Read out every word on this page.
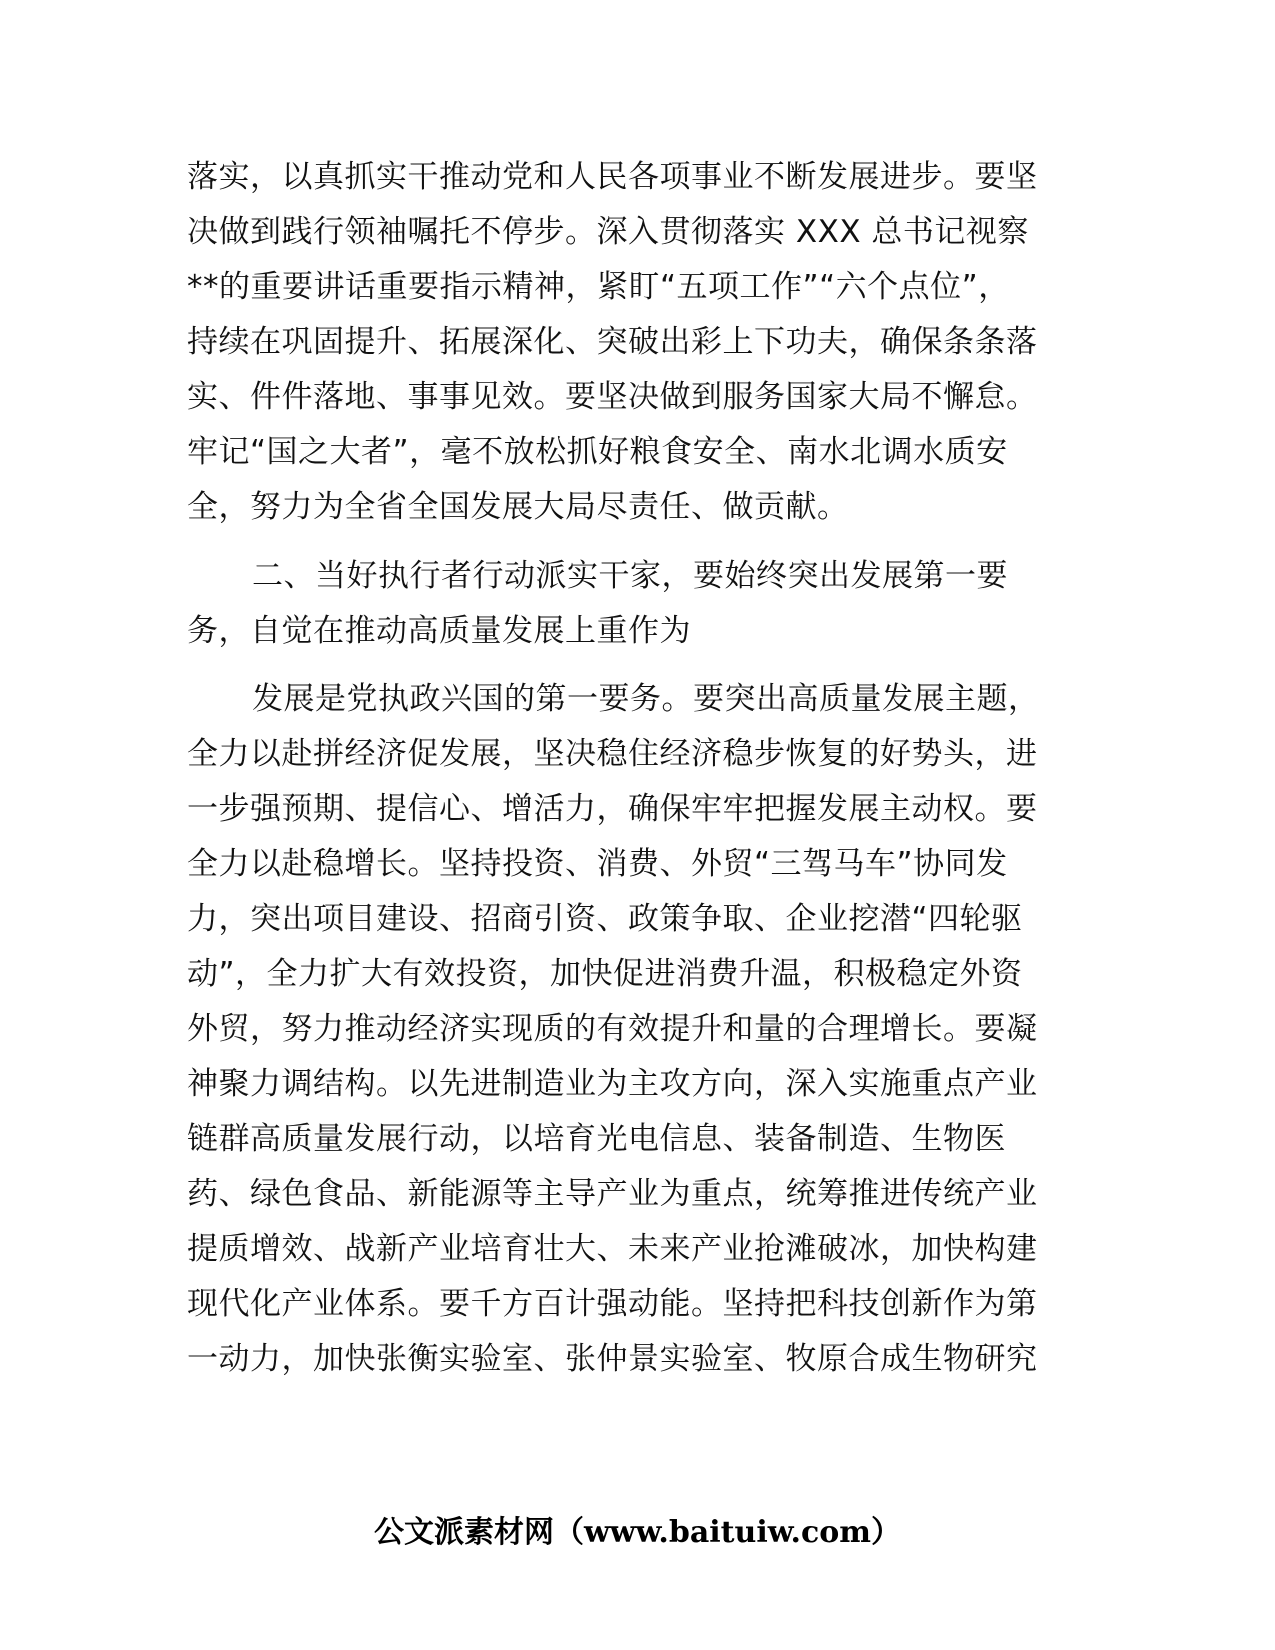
落实，以真抓实干推动党和人民各项事业不断发展进步。要坚
决做到践行领袖嘱托不停步。深入贯彻落实 XXX 总书记视察
**的重要讲话重要指示精神，紧盯“五项工作”“六个点位”，
持续在巩固提升、拓展深化、突破出彩上下功夫，确保条条落
实、件件落地、事事见效。要坚决做到服务国家大局不懈怠。
牢记“国之大者”，毫不放松抓好粮食安全、南水北调水质安
全，努力为全省全国发展大局尽责任、做贡献。
二、当好执行者行动派实干家，要始终突出发展第一要
务，自觉在推动高质量发展上重作为
发展是党执政兴国的第一要务。要突出高质量发展主题，
全力以赴拼经济促发展，坚决稳住经济稳步恢复的好势头，进
一步强预期、提信心、增活力，确保牢牢把握发展主动权。要
全力以赴稳增长。坚持投资、消费、外贸“三驾马车”协同发
力，突出项目建设、招商引资、政策争取、企业挖潜“四轮驱
动”，全力扩大有效投资，加快促进消费升温，积极稳定外资
外贸，努力推动经济实现质的有效提升和量的合理增长。要凝
神聚力调结构。以先进制造业为主攻方向，深入实施重点产业
链群高质量发展行动，以培育光电信息、装备制造、生物医
药、绿色食品、新能源等主导产业为重点，统筹推进传统产业
提质增效、战新产业培育壮大、未来产业抢滩破冰，加快构建
现代化产业体系。要千方百计强动能。坚持把科技创新作为第
一动力，加快张衡实验室、张仲景实验室、牧原合成生物研究
公文派素材网（www.baituiw.com）
